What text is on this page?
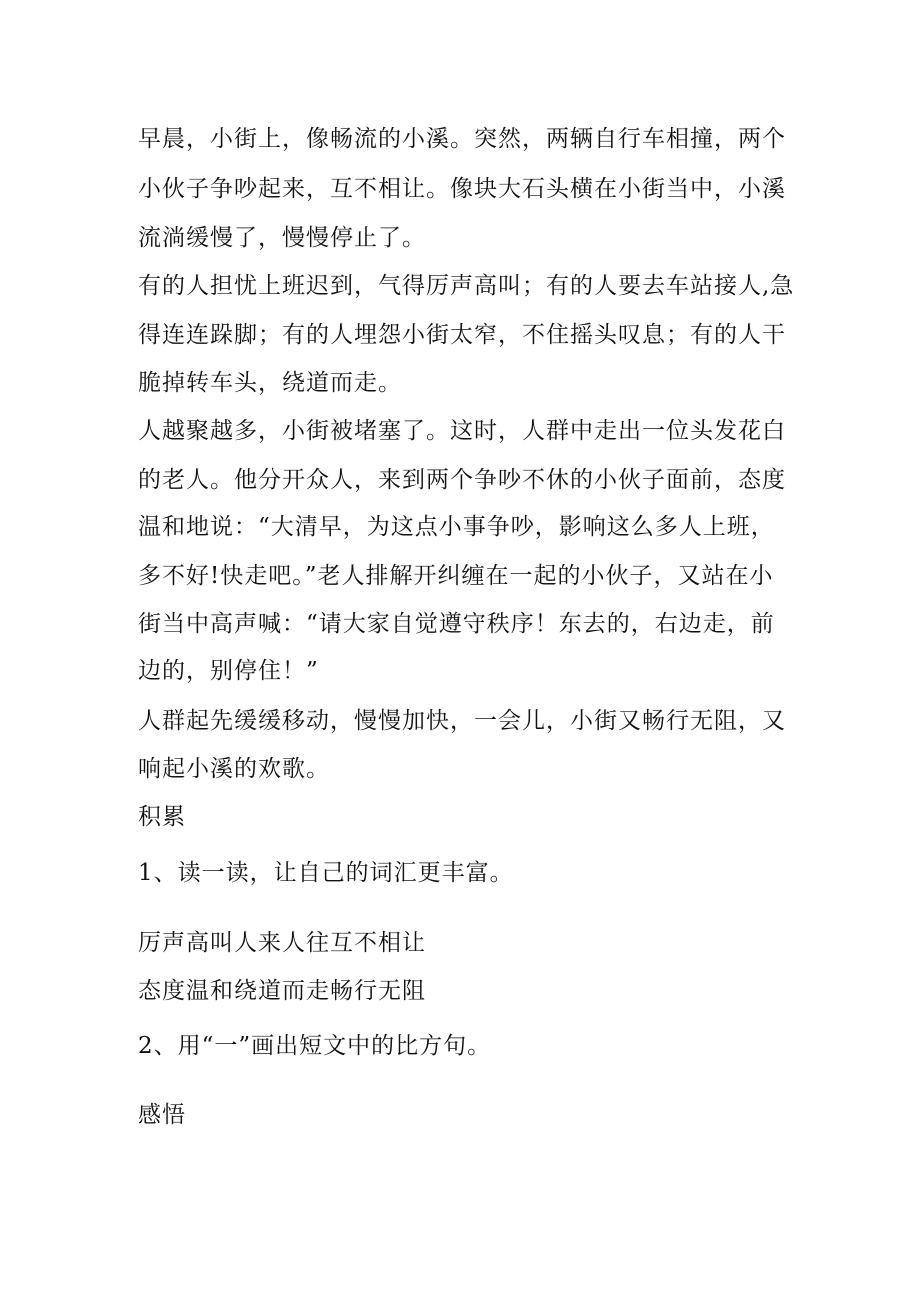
早晨，小街上，像畅流的小溪。突然，两辆自行车相撞，两个
小伙子争吵起来，互不相让。像块大石头横在小街当中，小溪
流淌缓慢了，慢慢停止了。
有的人担忧上班迟到，气得厉声高叫；有的人要去车站接人,急
得连连跺脚；有的人埋怨小街太窄，不住摇头叹息；有的人干
脆掉转车头，绕道而走。
人越聚越多，小街被堵塞了。这时，人群中走出一位头发花白
的老人。他分开众人，来到两个争吵不休的小伙子面前，态度
温和地说：“大清早，为这点小事争吵，影响这么多人上班，
多不好!快走吧。”老人排解开纠缠在一起的小伙子，又站在小
街当中高声喊：“请大家自觉遵守秩序！东去的，右边走，前
边的，别停住！”
人群起先缓缓移动，慢慢加快，一会儿，小街又畅行无阻，又
响起小溪的欢歌。
积累
1、读一读，让自己的词汇更丰富。
厉声高叫人来人往互不相让
态度温和绕道而走畅行无阻
2、用“一”画出短文中的比方句。
感悟
